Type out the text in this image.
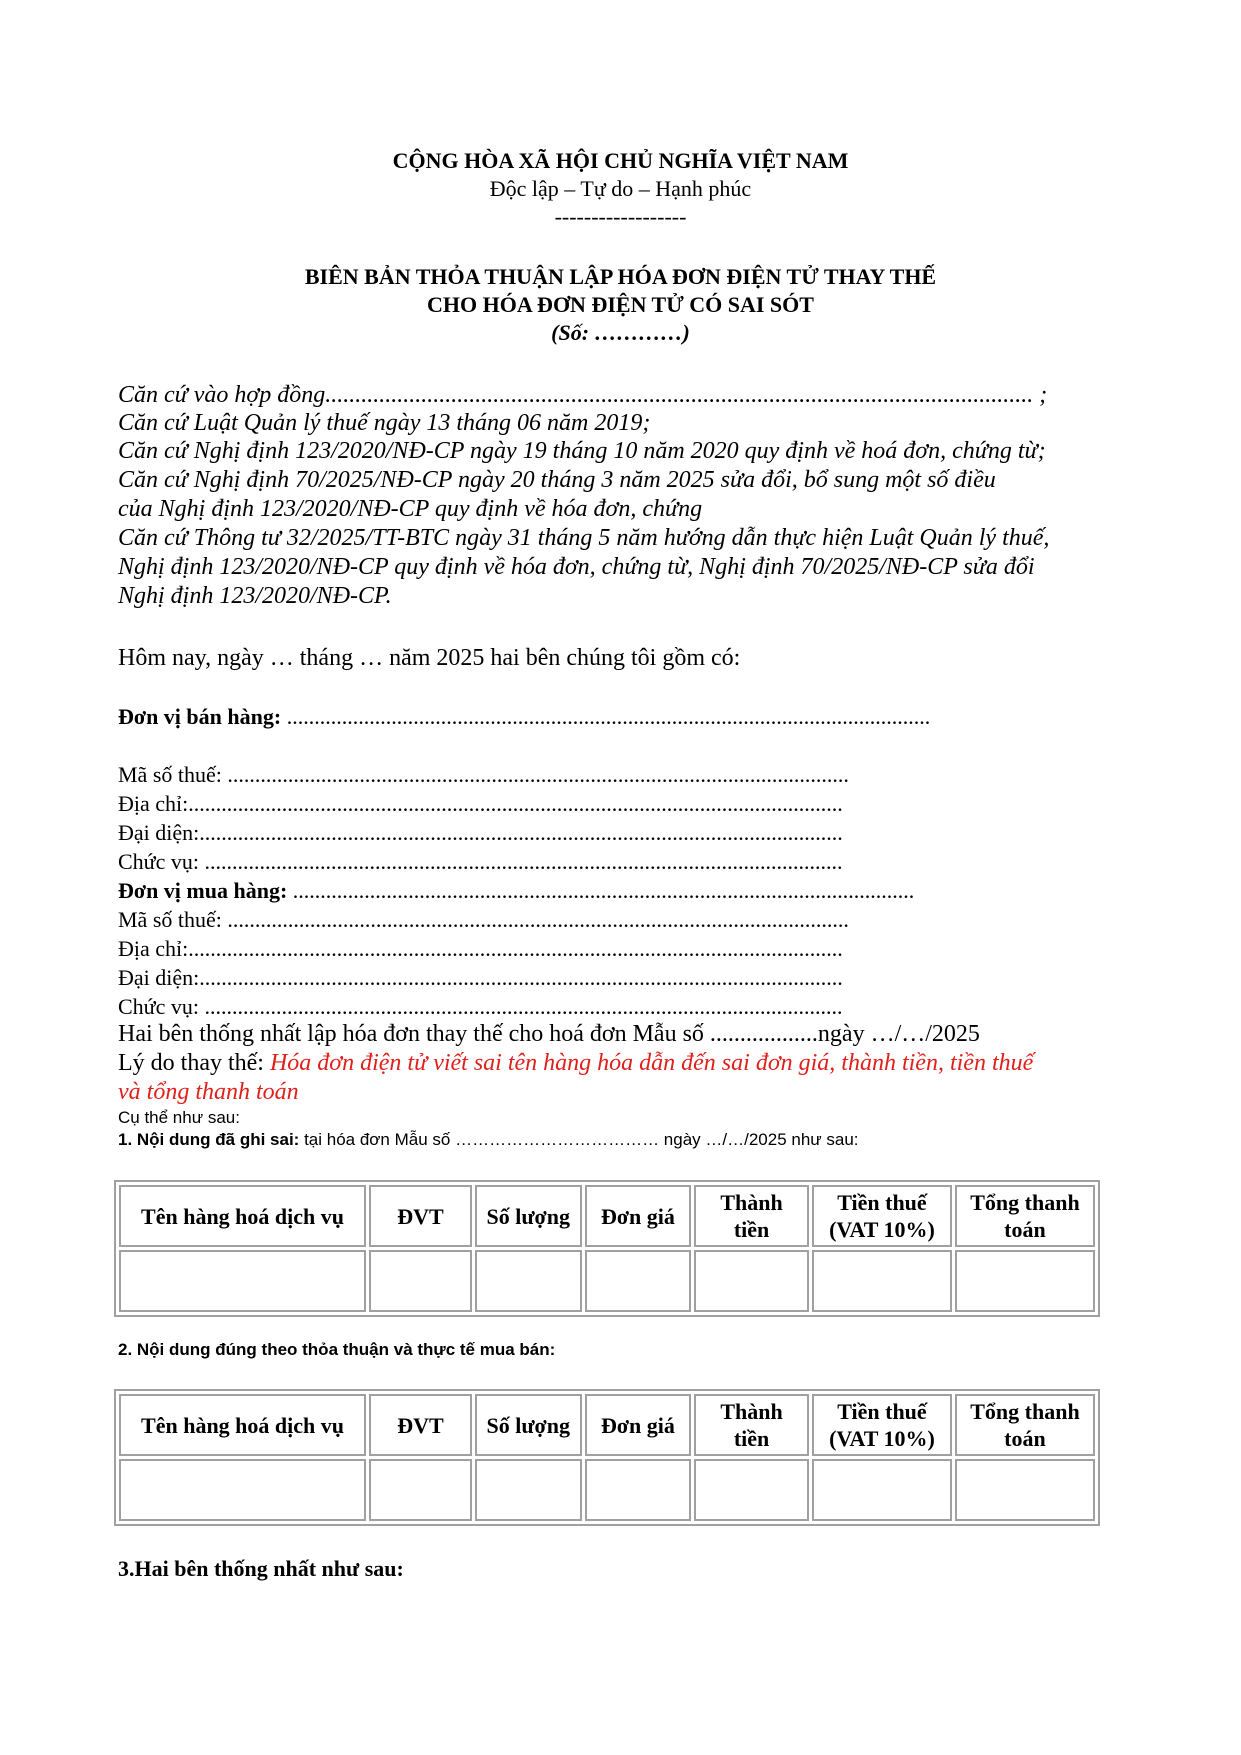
CỘNG HÒA XÃ HỘI CHỦ NGHĨA VIỆT NAM
Độc lập – Tự do – Hạnh phúc
------------------
BIÊN BẢN THỎA THUẬN LẬP HÓA ĐƠN ĐIỆN TỬ THAY THẾ
CHO HÓA ĐƠN ĐIỆN TỬ CÓ SAI SÓT
(Số: …………)
Căn cứ vào hợp đồng...................................................................................................................... ;
Căn cứ Luật Quản lý thuế ngày 13 tháng 06 năm 2019;
Căn cứ Nghị định 123/2020/NĐ-CP ngày 19 tháng 10 năm 2020 quy định về hoá đơn, chứng từ;
Căn cứ Nghị định 70/2025/NĐ-CP ngày 20 tháng 3 năm 2025 sửa đổi, bổ sung một số điều
của Nghị định 123/2020/NĐ-CP quy định về hóa đơn, chứng
Căn cứ Thông tư 32/2025/TT-BTC ngày 31 tháng 5 năm hướng dẫn thực hiện Luật Quản lý thuế,
Nghị định 123/2020/NĐ-CP quy định về hóa đơn, chứng từ, Nghị định 70/2025/NĐ-CP sửa đổi
Nghị định 123/2020/NĐ-CP.
Hôm nay, ngày … tháng … năm 2025 hai bên chúng tôi gồm có:
Đơn vị bán hàng: .....................................................................................................................
Mã số thuế: .................................................................................................................
Địa chỉ:.......................................................................................................................
Đại diện:.....................................................................................................................
Chức vụ: ....................................................................................................................
Đơn vị mua hàng: .................................................................................................................
Mã số thuế: .................................................................................................................
Địa chỉ:.......................................................................................................................
Đại diện:.....................................................................................................................
Chức vụ: ....................................................................................................................
Hai bên thống nhất lập hóa đơn thay thế cho hoá đơn Mẫu số ..................ngày …/…/2025
Lý do thay thế: Hóa đơn điện tử viết sai tên hàng hóa dẫn đến sai đơn giá, thành tiền, tiền thuế
và tổng thanh toán
Cụ thể như sau:
1. Nội dung đã ghi sai: tại hóa đơn Mẫu số ……………………………… ngày …/…/2025 như sau:
Tên hàng hoá dịch vụ	ĐVT	Số lượng	Đơn giá	Thành
tiền	Tiền thuế
(VAT 10%)	Tổng thanh
toán

2. Nội dung đúng theo thỏa thuận và thực tế mua bán:
Tên hàng hoá dịch vụ	ĐVT	Số lượng	Đơn giá	Thành
tiền	Tiền thuế
(VAT 10%)	Tổng thanh
toán

3.Hai bên thống nhất như sau:
